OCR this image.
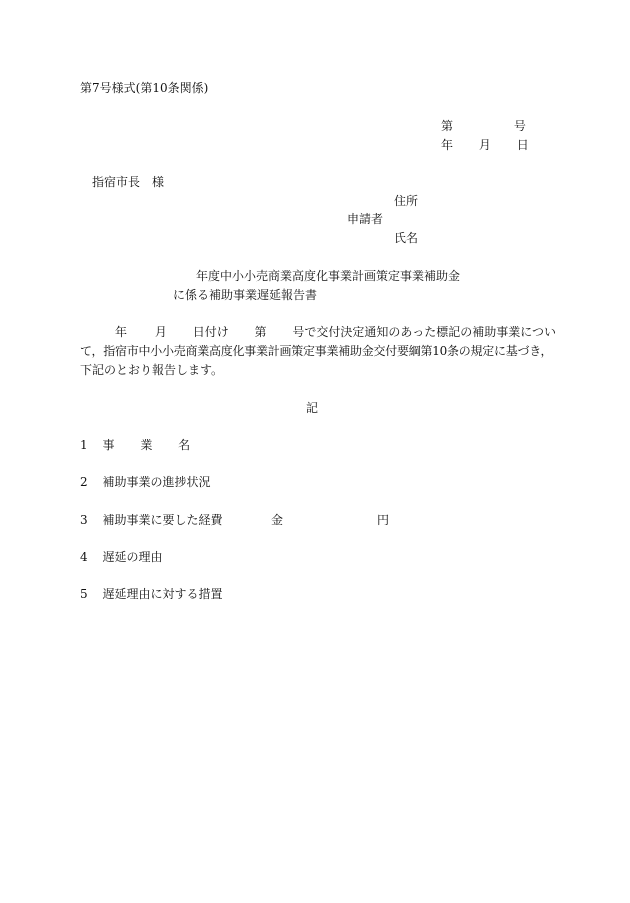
第7号様式(第10条関係)
第	号
年 月 日
指宿市長　様
住所
申請者
氏名
年度中小小売商業高度化事業計画策定事業補助金
に係る補助事業遅延報告書
年 月 日付け 第 号で交付決定通知のあった標記の補助事業につい
て，指宿市中小小売商業高度化事業計画策定事業補助金交付要綱第10条の規定に基づき，
下記のとおり報告します。
記
1 事 業 名
2 補助事業の進捗状況
3 補助事業に要した経費	金	円
4 遅延の理由
5 遅延理由に対する措置
